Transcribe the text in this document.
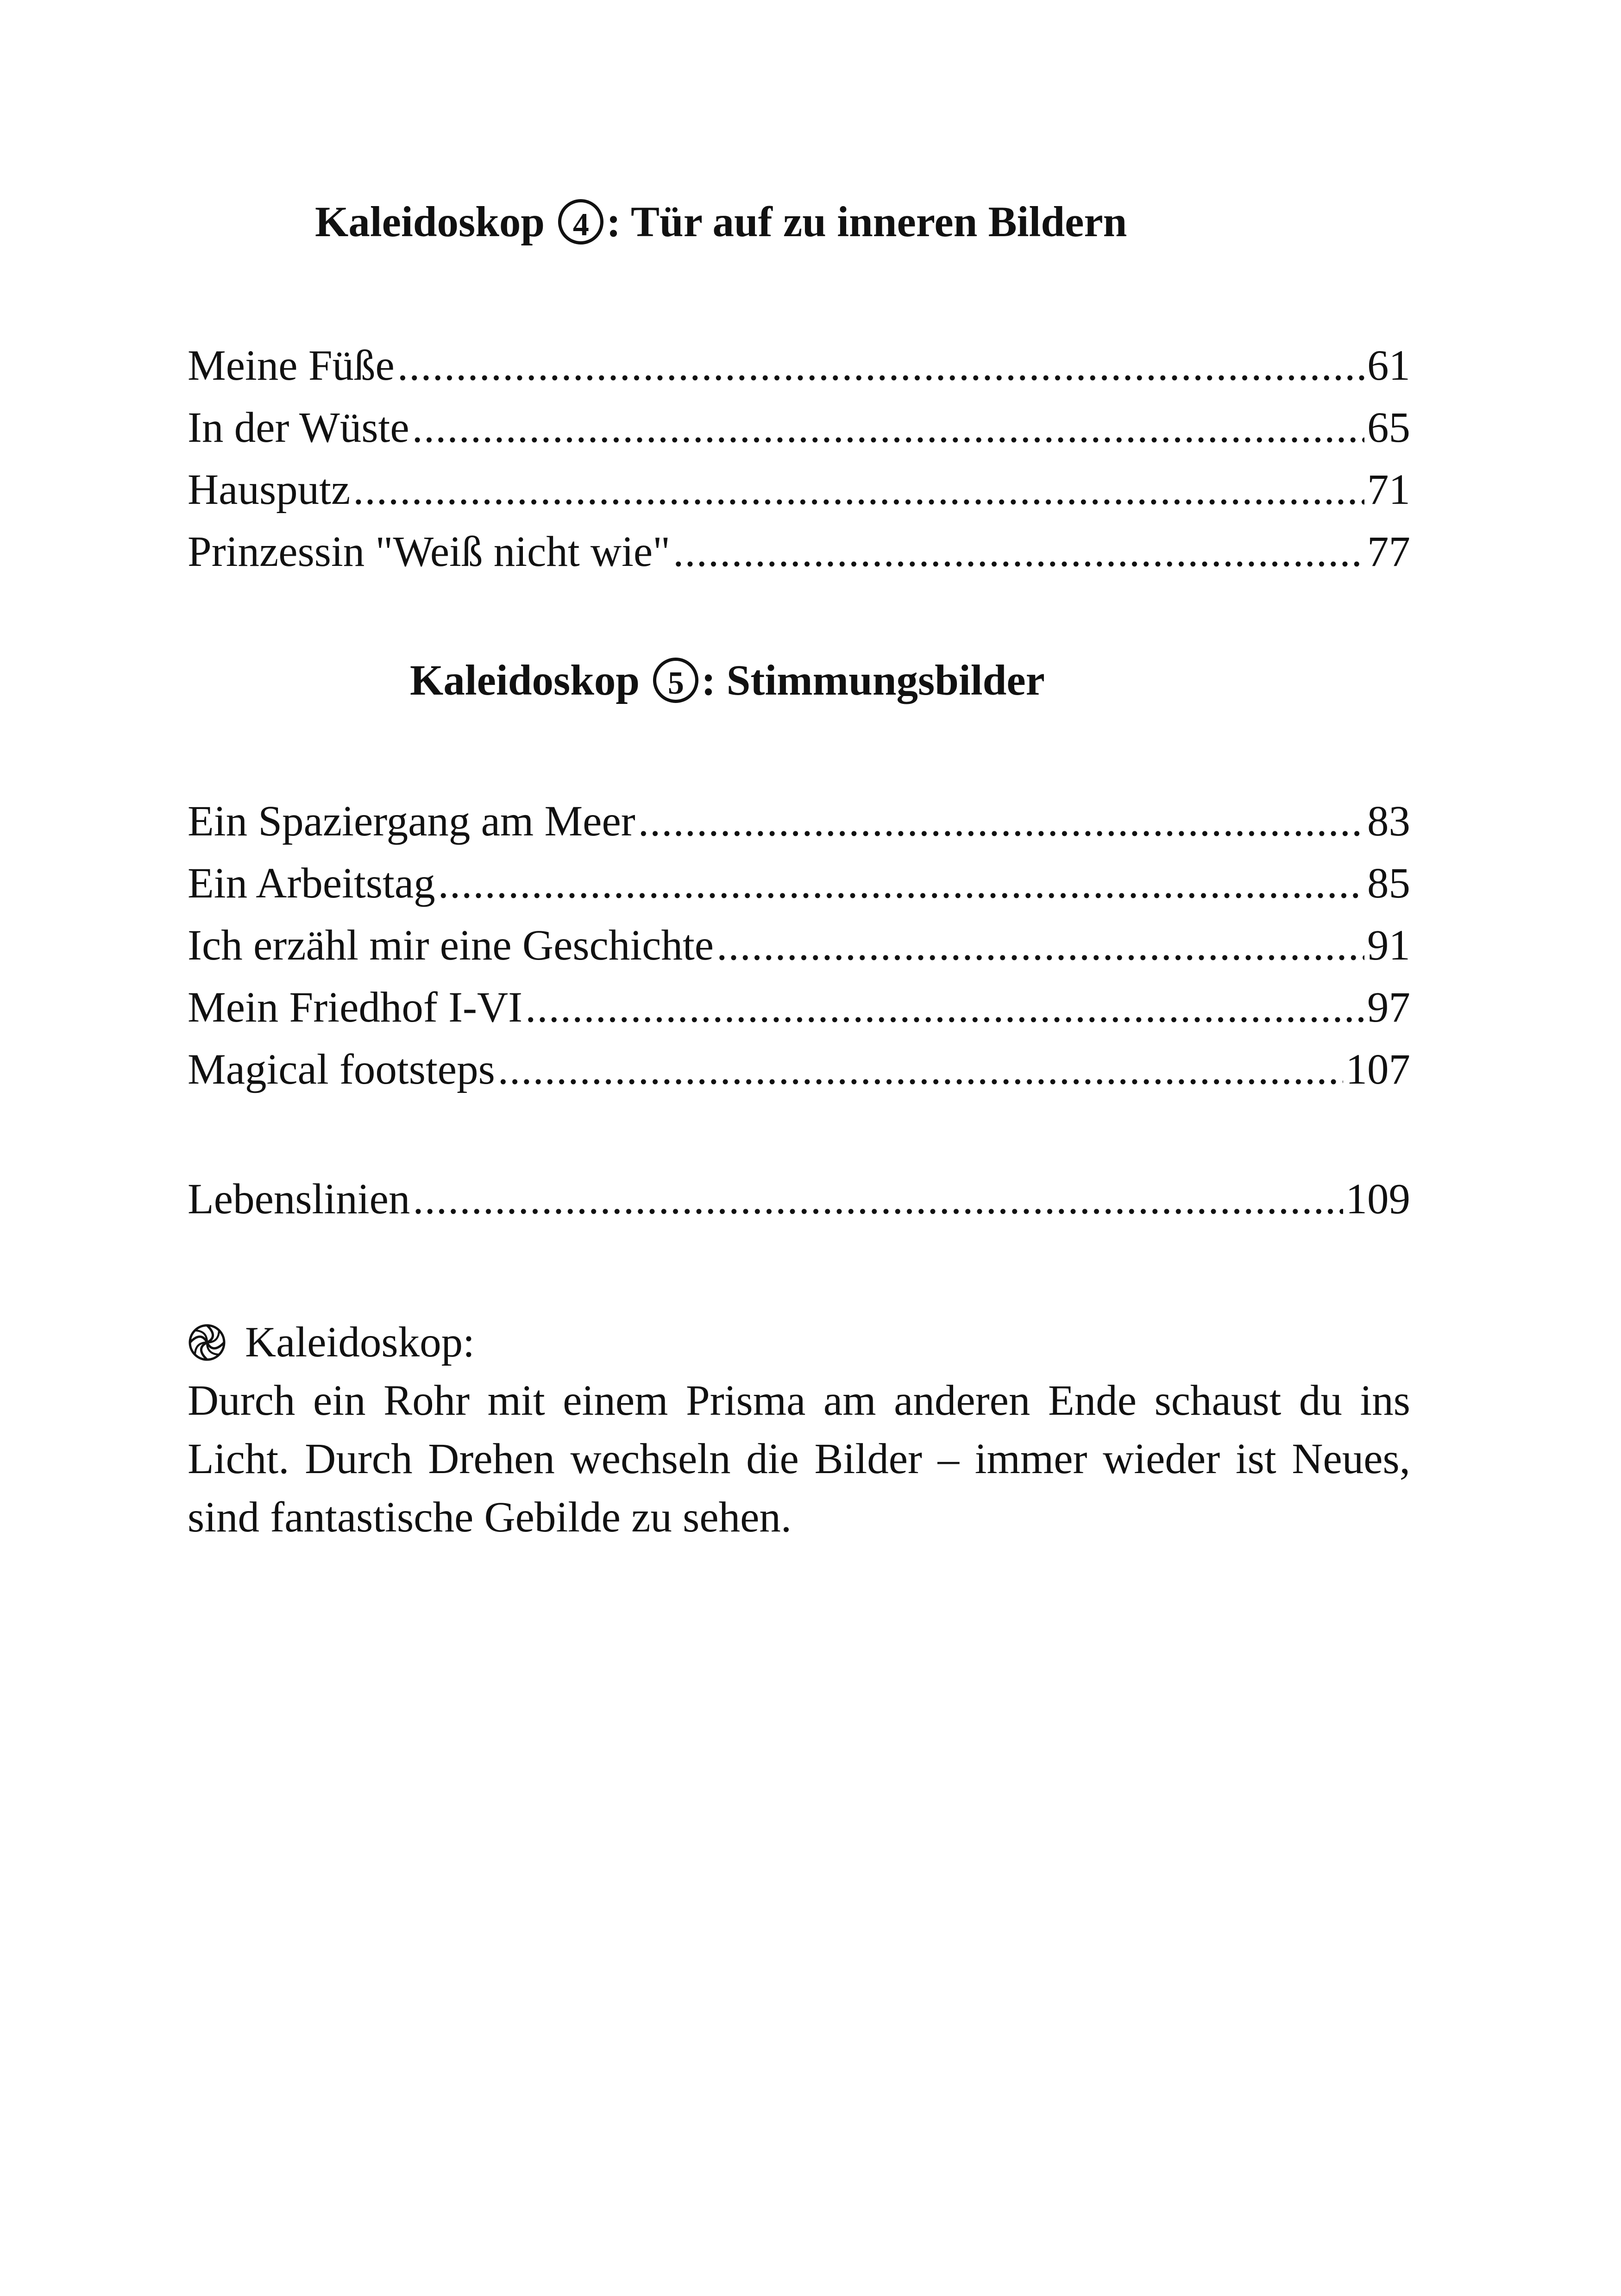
Kaleidoskop 4 : Tür auf zu inneren Bildern
Meine Füße .....	61
In der Wüste .....	65
Hausputz .....	71
Prinzessin "Weiß nicht wie" .....	77
Kaleidoskop 5 : Stimmungsbilder
Ein Spaziergang am Meer .....	83
Ein Arbeitstag .....	85
Ich erzähl mir eine Geschichte .....	91
Mein Friedhof I-VI .....	97
Magical footsteps .....	107
Lebenslinien .....	109
Kaleidoskop:

Durch ein Rohr mit einem Prisma am anderen Ende schaust du ins Licht. Durch Drehen wechseln die Bilder – immer wieder ist Neues, sind fantastische Gebilde zu sehen.
